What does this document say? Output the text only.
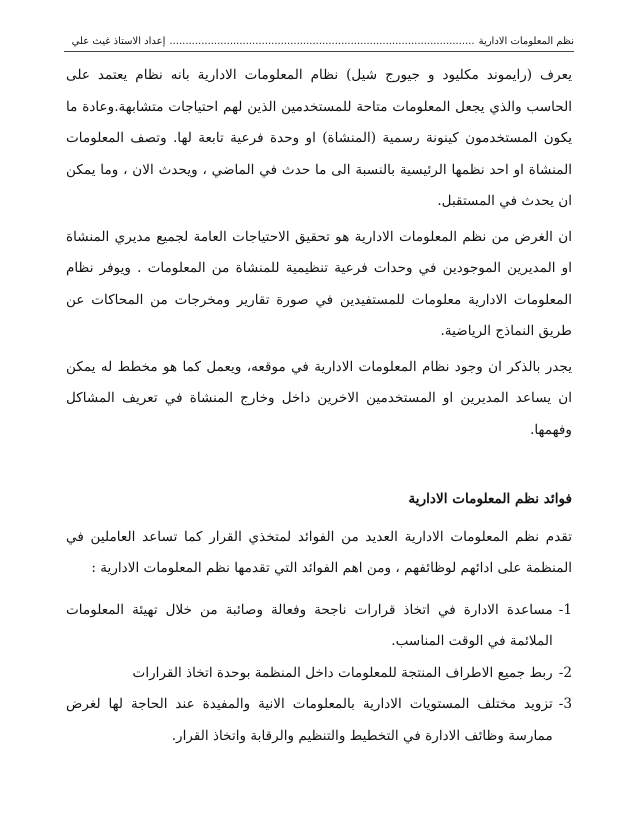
نظم المعلومات الادارية
................................................................................................
إعداد الاستاذ غيث علي

يعرف (رايموند مكليود و جيورج شيل) نظام المعلومات الادارية بانه نظام يعتمد على الحاسب والذي يجعل المعلومات متاحة للمستخدمين الذين لهم احتياجات متشابهة.وعادة ما يكون المستخدمون كينونة رسمية (المنشاة) او وحدة فرعية تابعة لها. وتصف المعلومات المنشاة او احد نظمها الرئيسية بالنسبة الى ما حدث في الماضي ، ويحدث الان ، وما يمكن ان يحدث في المستقبل.

ان الغرض من نظم المعلومات الادارية هو تحقيق الاحتياجات العامة لجميع مديري المنشاة او المديرين الموجودين في وحدات فرعية تنظيمية للمنشاة من المعلومات . ويوفر نظام المعلومات الادارية معلومات للمستفيدين في صورة تقارير ومخرجات من المحاكات عن طريق النماذج الرياضية.

يجدر بالذكر ان وجود نظام المعلومات الادارية في موقعه، ويعمل كما هو مخطط له يمكن ان يساعد المديرين او المستخدمين الاخرين داخل وخارج المنشاة في تعريف المشاكل وفهمها.

فوائد نظم المعلومات الادارية

تقدم نظم المعلومات الادارية العديد من الفوائد لمتخذي القرار كما تساعد العاملين في المنظمة على ادائهم لوظائفهم ، ومن اهم الفوائد التي تقدمها نظم المعلومات الادارية :

1-
مساعدة الادارة في اتخاذ قرارات ناجحة وفعالة وصائبة من خلال تهيئة المعلومات الملائمة في الوقت المناسب.
2-
ربط جميع الاطراف المنتجة للمعلومات داخل المنظمة بوحدة اتخاذ القرارات
3-
تزويد مختلف المستويات الادارية بالمعلومات الانية والمفيدة عند الحاجة لها لغرض ممارسة وظائف الادارة في التخطيط والتنظيم والرقابة واتخاذ القرار.
